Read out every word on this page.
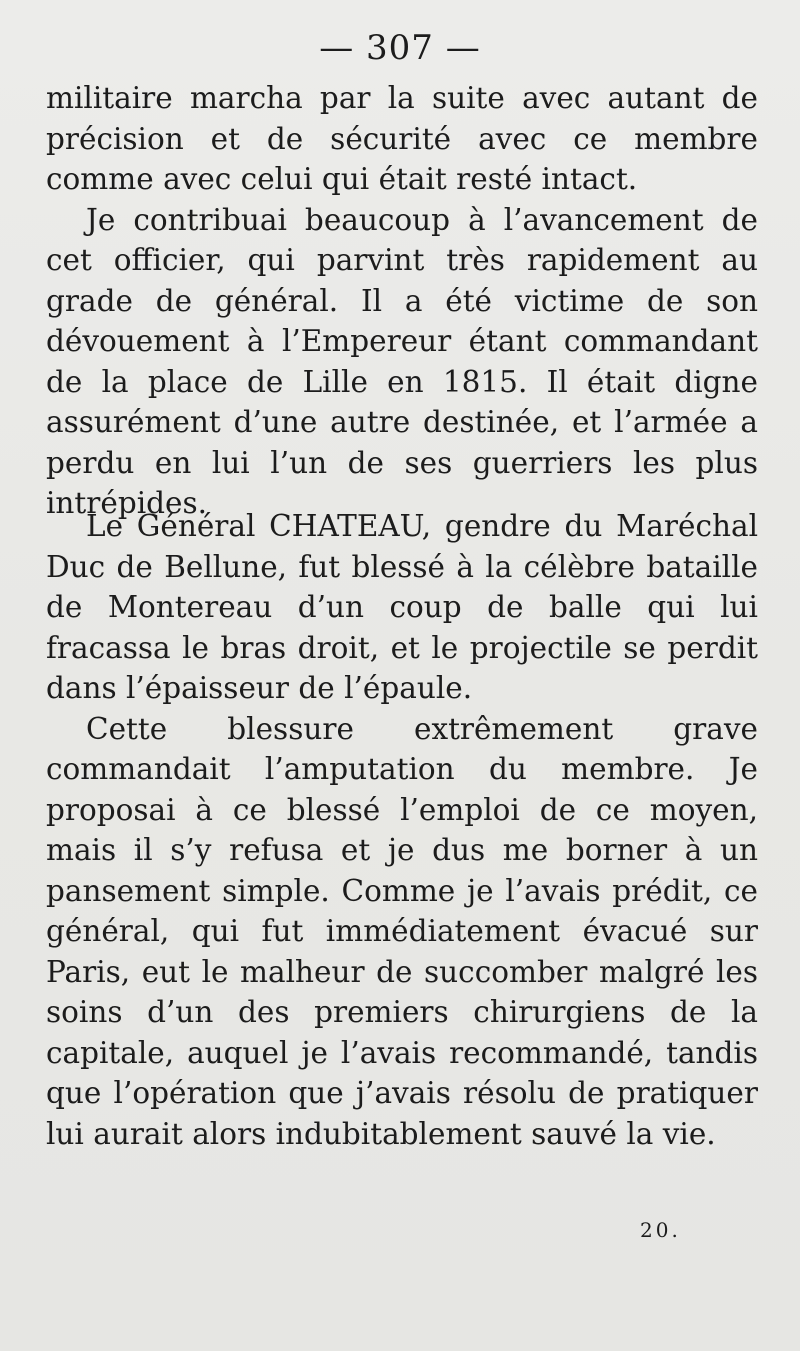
— 307 —

militaire marcha par la suite avec autant de précision et de sécurité avec ce membre comme avec celui qui était resté intact.

Je contribuai beaucoup à l’avancement de cet officier, qui parvint très rapidement au grade de général. Il a été victime de son dévouement à l’Empereur étant commandant de la place de Lille en 1815. Il était digne assurément d’une autre destinée, et l’armée a perdu en lui l’un de ses guerriers les plus intrépides.

Le Général CHATEAU, gendre du Maréchal Duc de Bellune, fut blessé à la célèbre bataille de Montereau d’un coup de balle qui lui fracassa le bras droit, et le projectile se perdit dans l’épaisseur de l’épaule.

Cette blessure extrêmement grave commandait l’amputation du membre. Je proposai à ce blessé l’emploi de ce moyen, mais il s’y refusa et je dus me borner à un pansement simple. Comme je l’avais prédit, ce général, qui fut immédiatement évacué sur Paris, eut le malheur de succomber malgré les soins d’un des premiers chirurgiens de la capitale, auquel je l’avais recommandé, tandis que l’opération que j’avais résolu de pratiquer lui aurait alors indubitablement sauvé la vie.

20.
